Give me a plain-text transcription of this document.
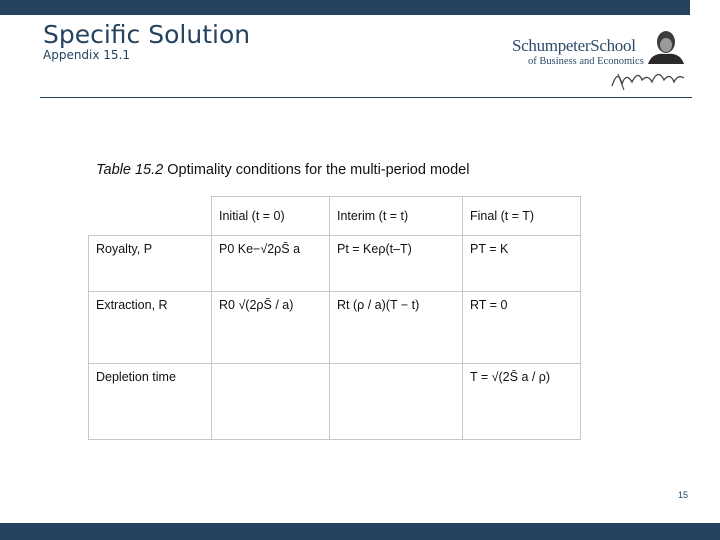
Specific Solution
Appendix 15.1	SchumpeterSchool
of Business and Economics
Table 15.2 Optimality conditions for the multi-period model
	Initial (t = 0)	Interim (t = t)	Final (t = T)
Royalty, P	P0 Ke−√2ρS̄ a	Pt = Keρ(t–T)	PT = K
Extraction, R	R0 √(2ρS̄ / a)	Rt (ρ / a)(T − t)	RT = 0
Depletion time			T = √(2S̄ a / ρ)
15
